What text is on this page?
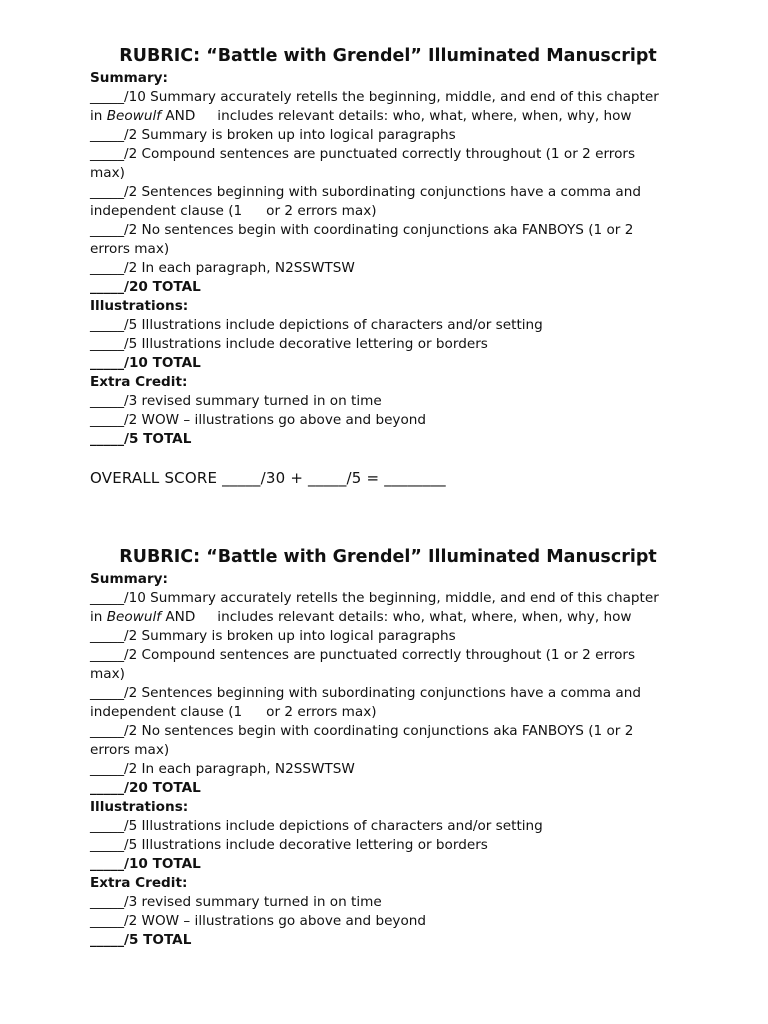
RUBRIC: “Battle with Grendel” Illuminated Manuscript
Summary:
_____/10 Summary accurately retells the beginning, middle, and end of this chapter
in Beowulf AND includes relevant details: who, what, where, when, why, how
_____/2 Summary is broken up into logical paragraphs
_____/2 Compound sentences are punctuated correctly throughout (1 or 2 errors
max)
_____/2 Sentences beginning with subordinating conjunctions have a comma and
independent clause (1 or 2 errors max)
_____/2 No sentences begin with coordinating conjunctions aka FANBOYS (1 or 2
errors max)
_____/2 In each paragraph, N2SSWTSW
_____/20 TOTAL
Illustrations:
_____/5 Illustrations include depictions of characters and/or setting
_____/5 Illustrations include decorative lettering or borders
_____/10 TOTAL
Extra Credit:
_____/3 revised summary turned in on time
_____/2 WOW – illustrations go above and beyond
_____/5 TOTAL
OVERALL SCORE _____/30 + _____/5 = ________
RUBRIC: “Battle with Grendel” Illuminated Manuscript
Summary:
_____/10 Summary accurately retells the beginning, middle, and end of this chapter
in Beowulf AND includes relevant details: who, what, where, when, why, how
_____/2 Summary is broken up into logical paragraphs
_____/2 Compound sentences are punctuated correctly throughout (1 or 2 errors
max)
_____/2 Sentences beginning with subordinating conjunctions have a comma and
independent clause (1 or 2 errors max)
_____/2 No sentences begin with coordinating conjunctions aka FANBOYS (1 or 2
errors max)
_____/2 In each paragraph, N2SSWTSW
_____/20 TOTAL
Illustrations:
_____/5 Illustrations include depictions of characters and/or setting
_____/5 Illustrations include decorative lettering or borders
_____/10 TOTAL
Extra Credit:
_____/3 revised summary turned in on time
_____/2 WOW – illustrations go above and beyond
_____/5 TOTAL
